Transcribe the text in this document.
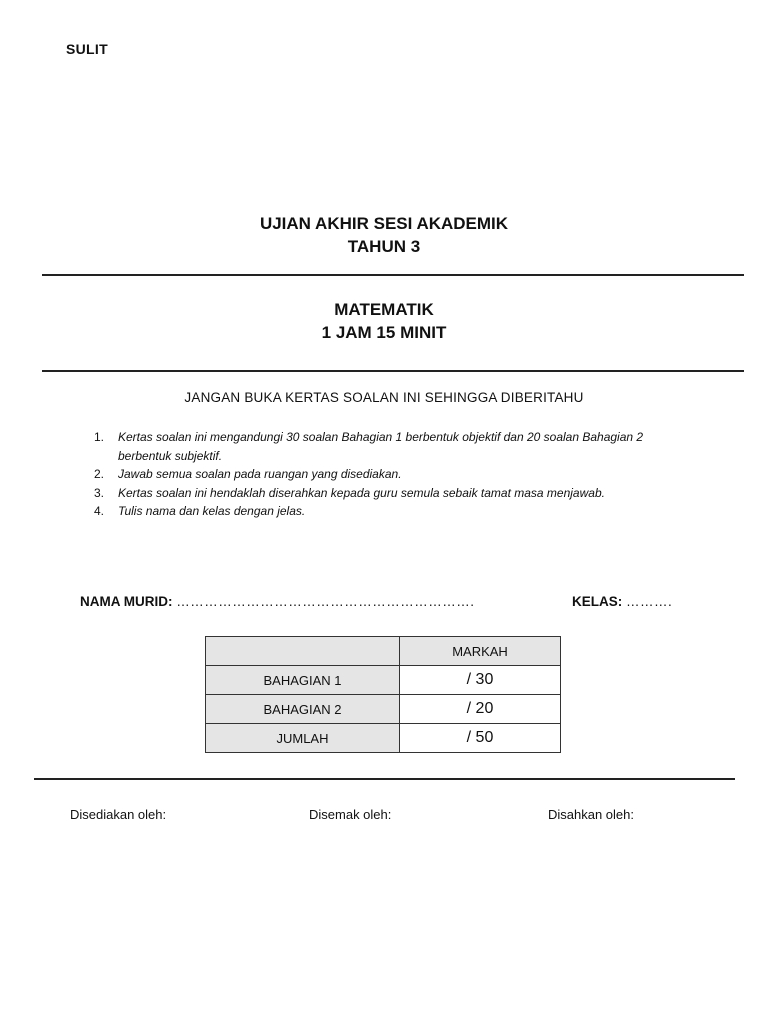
SULIT
UJIAN AKHIR SESI AKADEMIK
TAHUN 3
MATEMATIK
1 JAM 15 MINIT
JANGAN BUKA KERTAS SOALAN INI SEHINGGA DIBERITAHU
1.	Kertas soalan ini mengandungi 30 soalan Bahagian 1 berbentuk objektif dan 20 soalan Bahagian 2 berbentuk subjektif.
2.	Jawab semua soalan pada ruangan yang disediakan.
3.	Kertas soalan ini hendaklah diserahkan kepada guru semula sebaik tamat masa menjawab.
4.	Tulis nama dan kelas dengan jelas.
NAMA MURID: ……………………………………………………….	KELAS: ……….
	MARKAH
BAHAGIAN 1	/ 30
BAHAGIAN 2	/ 20
JUMLAH	/ 50
Disediakan oleh:	Disemak oleh:	Disahkan oleh:
